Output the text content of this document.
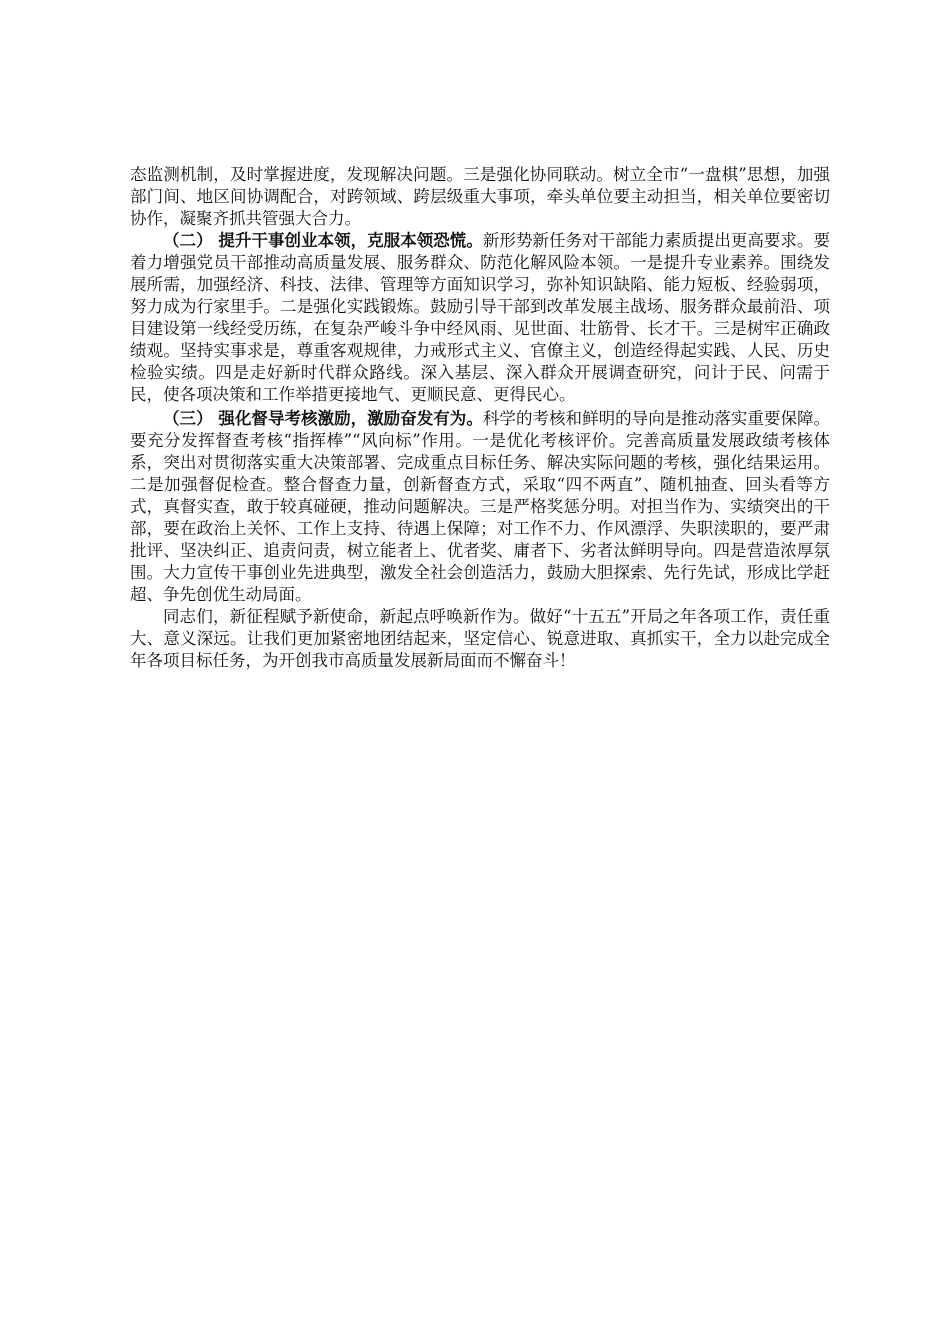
态监测机制，及时掌握进度，发现解决问题。三是强化协同联动。树立全市“一盘棋”思想，加强部门间、地区间协调配合，对跨领域、跨层级重大事项，牵头单位要主动担当，相关单位要密切协作，凝聚齐抓共管强大合力。

（二） 提升干事创业本领，克服本领恐慌。新形势新任务对干部能力素质提出更高要求。要着力增强党员干部推动高质量发展、服务群众、防范化解风险本领。一是提升专业素养。围绕发展所需，加强经济、科技、法律、管理等方面知识学习，弥补知识缺陷、能力短板、经验弱项，努力成为行家里手。二是强化实践锻炼。鼓励引导干部到改革发展主战场、服务群众最前沿、项目建设第一线经受历练，在复杂严峻斗争中经风雨、见世面、壮筋骨、长才干。三是树牢正确政绩观。坚持实事求是，尊重客观规律，力戒形式主义、官僚主义，创造经得起实践、人民、历史检验实绩。四是走好新时代群众路线。深入基层、深入群众开展调查研究，问计于民、问需于民，使各项决策和工作举措更接地气、更顺民意、更得民心。

（三） 强化督导考核激励，激励奋发有为。科学的考核和鲜明的导向是推动落实重要保障。要充分发挥督查考核“指挥棒”“风向标”作用。一是优化考核评价。完善高质量发展政绩考核体系，突出对贯彻落实重大决策部署、完成重点目标任务、解决实际问题的考核，强化结果运用。二是加强督促检查。整合督查力量，创新督查方式，采取“四不两直”、随机抽查、回头看等方式，真督实查，敢于较真碰硬，推动问题解决。三是严格奖惩分明。对担当作为、实绩突出的干部，要在政治上关怀、工作上支持、待遇上保障；对工作不力、作风漂浮、失职渎职的，要严肃批评、坚决纠正、追责问责，树立能者上、优者奖、庸者下、劣者汰鲜明导向。四是营造浓厚氛围。大力宣传干事创业先进典型，激发全社会创造活力，鼓励大胆探索、先行先试，形成比学赶超、争先创优生动局面。

同志们，新征程赋予新使命，新起点呼唤新作为。做好“十五五”开局之年各项工作，责任重大、意义深远。让我们更加紧密地团结起来，坚定信心、锐意进取、真抓实干，全力以赴完成全年各项目标任务，为开创我市高质量发展新局面而不懈奋斗！
